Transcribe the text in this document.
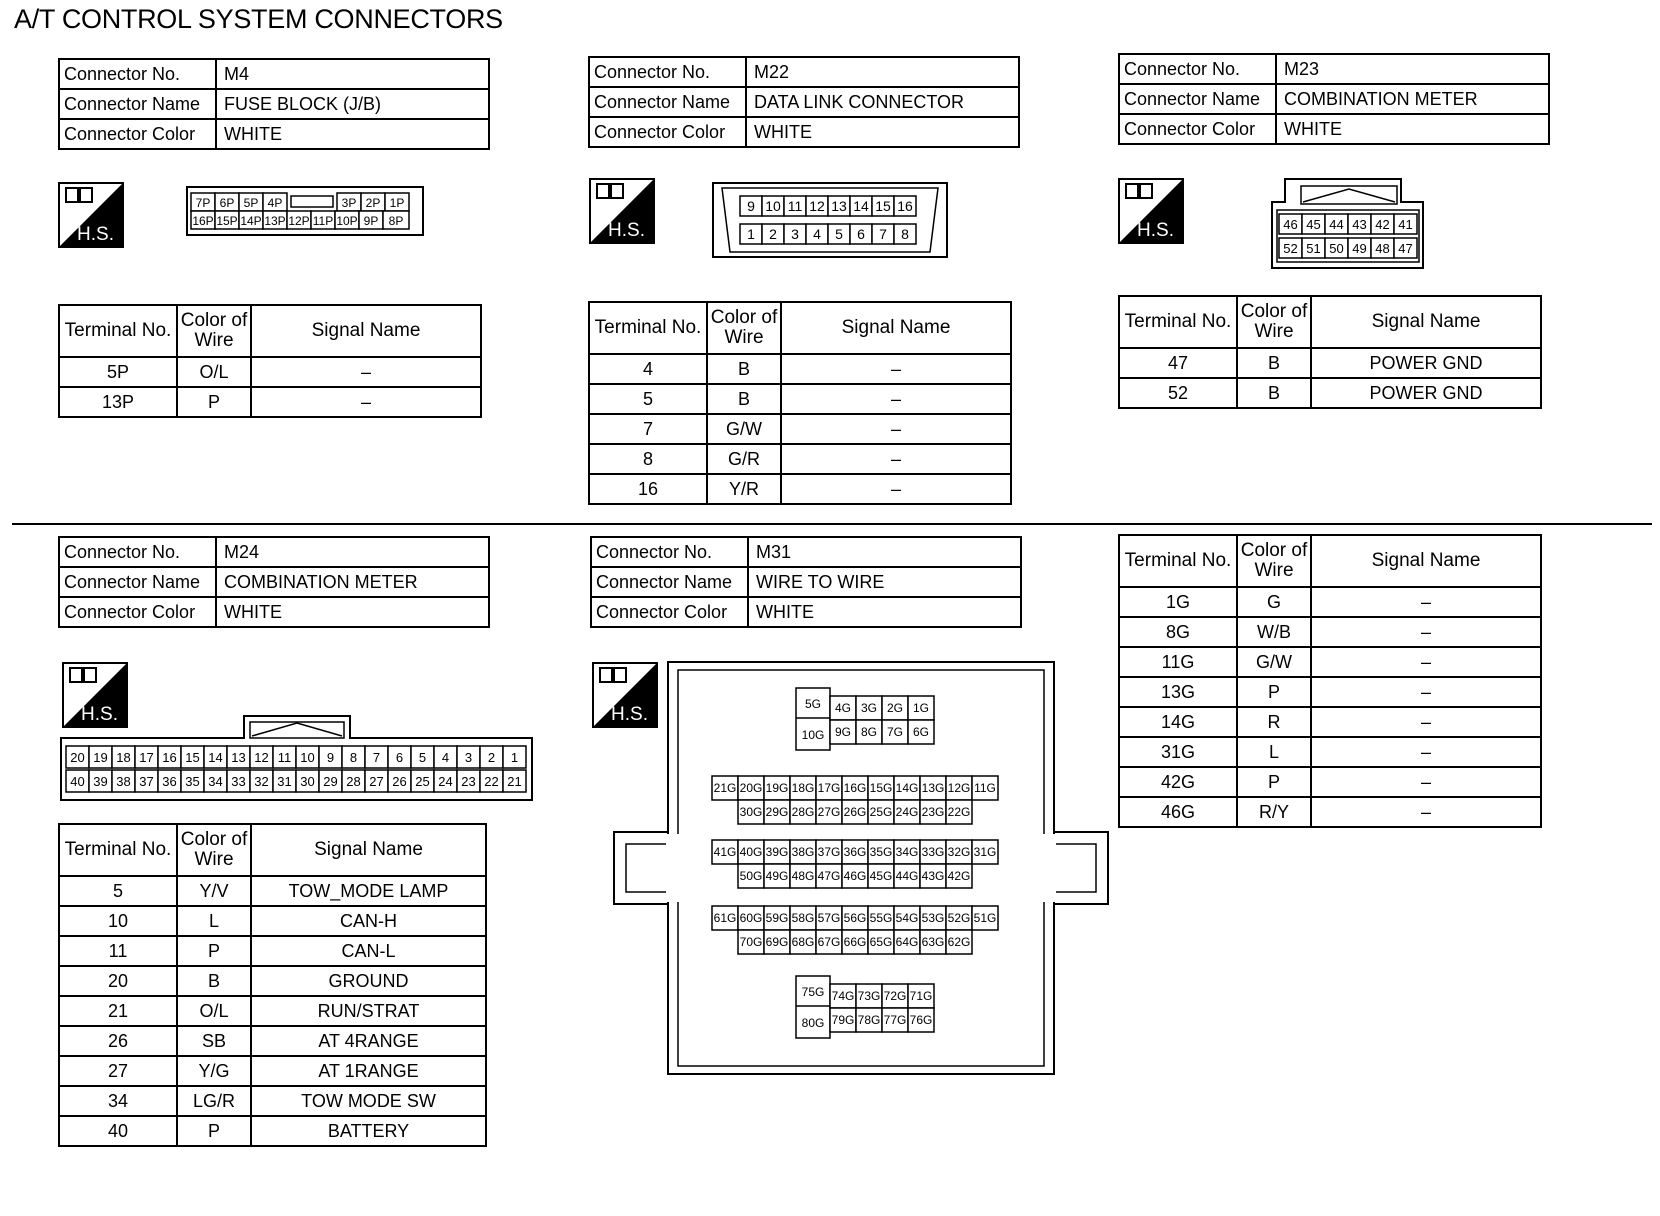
A/T CONTROL SYSTEM CONNECTORS
Connector No.	M4
Connector Name	FUSE BLOCK (J/B)
Connector Color	WHITE
H.S.
7P 6P 5P 4P	3P 2P 1P
16P 15P 14P 13P 12P 11P 10P 9P 8P
Terminal No.	Color of Wire	Signal Name
5P	O/L	–
13P	P	–
Connector No.	M22
Connector Name	DATA LINK CONNECTOR
Connector Color	WHITE
H.S.
9 10 11 12 13 14 15 16
1 2 3 4 5 6 7 8
Terminal No.	Color of Wire	Signal Name
4	B	–
5	B	–
7	G/W	–
8	G/R	–
16	Y/R	–
Connector No.	M23
Connector Name	COMBINATION METER
Connector Color	WHITE
H.S.	46 45 44 43 42 41
52 51 50 49 48 47
Terminal No.	Color of Wire	Signal Name
47	B	POWER GND
52	B	POWER GND
Connector No.	M24
Connector Name	COMBINATION METER
Connector Color	WHITE
H.S.
20 19 18 17 16 15 14 13 12 11 10 9 8 7 6 5 4 3 2 1
40 39 38 37 36 35 34 33 32 31 30 29 28 27 26 25 24 23 22 21
Terminal No.	Color of Wire	Signal Name
5	Y/V	TOW_MODE LAMP
10	L	CAN-H
11	P	CAN-L
20	B	GROUND
21	O/L	RUN/STRAT
26	SB	AT 4RANGE
27	Y/G	AT 1RANGE
34	LG/R	TOW MODE SW
40	P	BATTERY
Connector No.	M31
Connector Name	WIRE TO WIRE
Connector Color	WHITE
H.S.	5G
10G
4G 3G 2G 1G
9G 8G 7G 6G
21G 20G 19G 18G 17G 16G 15G 14G 13G 12G 11G
30G 29G 28G 27G 26G 25G 24G 23G 22G
41G 40G 39G 38G 37G 36G 35G 34G 33G 32G 31G
50G 49G 48G 47G 46G 45G 44G 43G 42G
61G 60G 59G 58G 57G 56G 55G 54G 53G 52G 51G
70G 69G 68G 67G 66G 65G 64G 63G 62G
75G
80G
74G 73G 72G 71G
79G 78G 77G 76G
Terminal No.	Color of Wire	Signal Name
1G	G	–
8G	W/B	–
11G	G/W	–
13G	P	–
14G	R	–
31G	L	–
42G	P	–
46G	R/Y	–
